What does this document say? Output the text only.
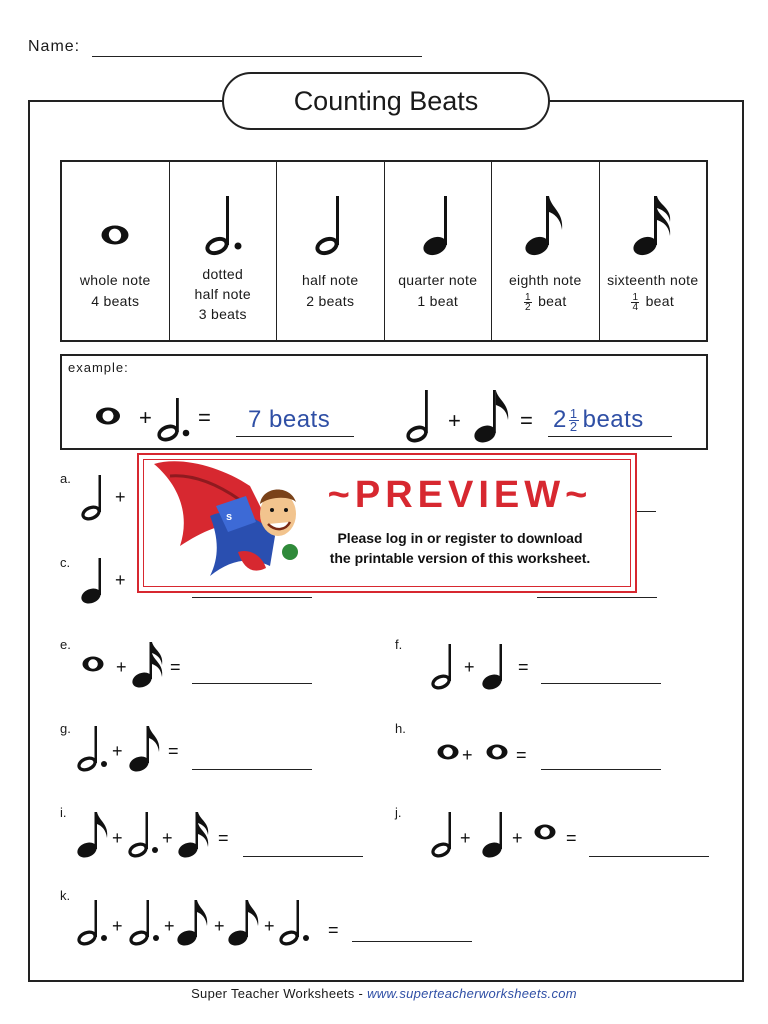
Name:
Counting Beats
whole note
4 beats
dotted
half note
3 beats
half note
2 beats
quarter note
1 beat
eighth note
$\frac{1}{2}$ beat
sixteenth note
$\frac{1}{4}$ beat
example:
+ = 7 beats	+	= $2 \frac{1}{2}$ beats
a.
+
c.
+
e.
+ =
f.
+ =
g.
+	=
h.
+ =
i.
+ +	=
j.
+ + =
k.
+ + + +	=
s
~PREVIEW~
Please log in or register to download
the printable version of this worksheet.
Super Teacher Worksheets - www.superteacherworksheets.com
